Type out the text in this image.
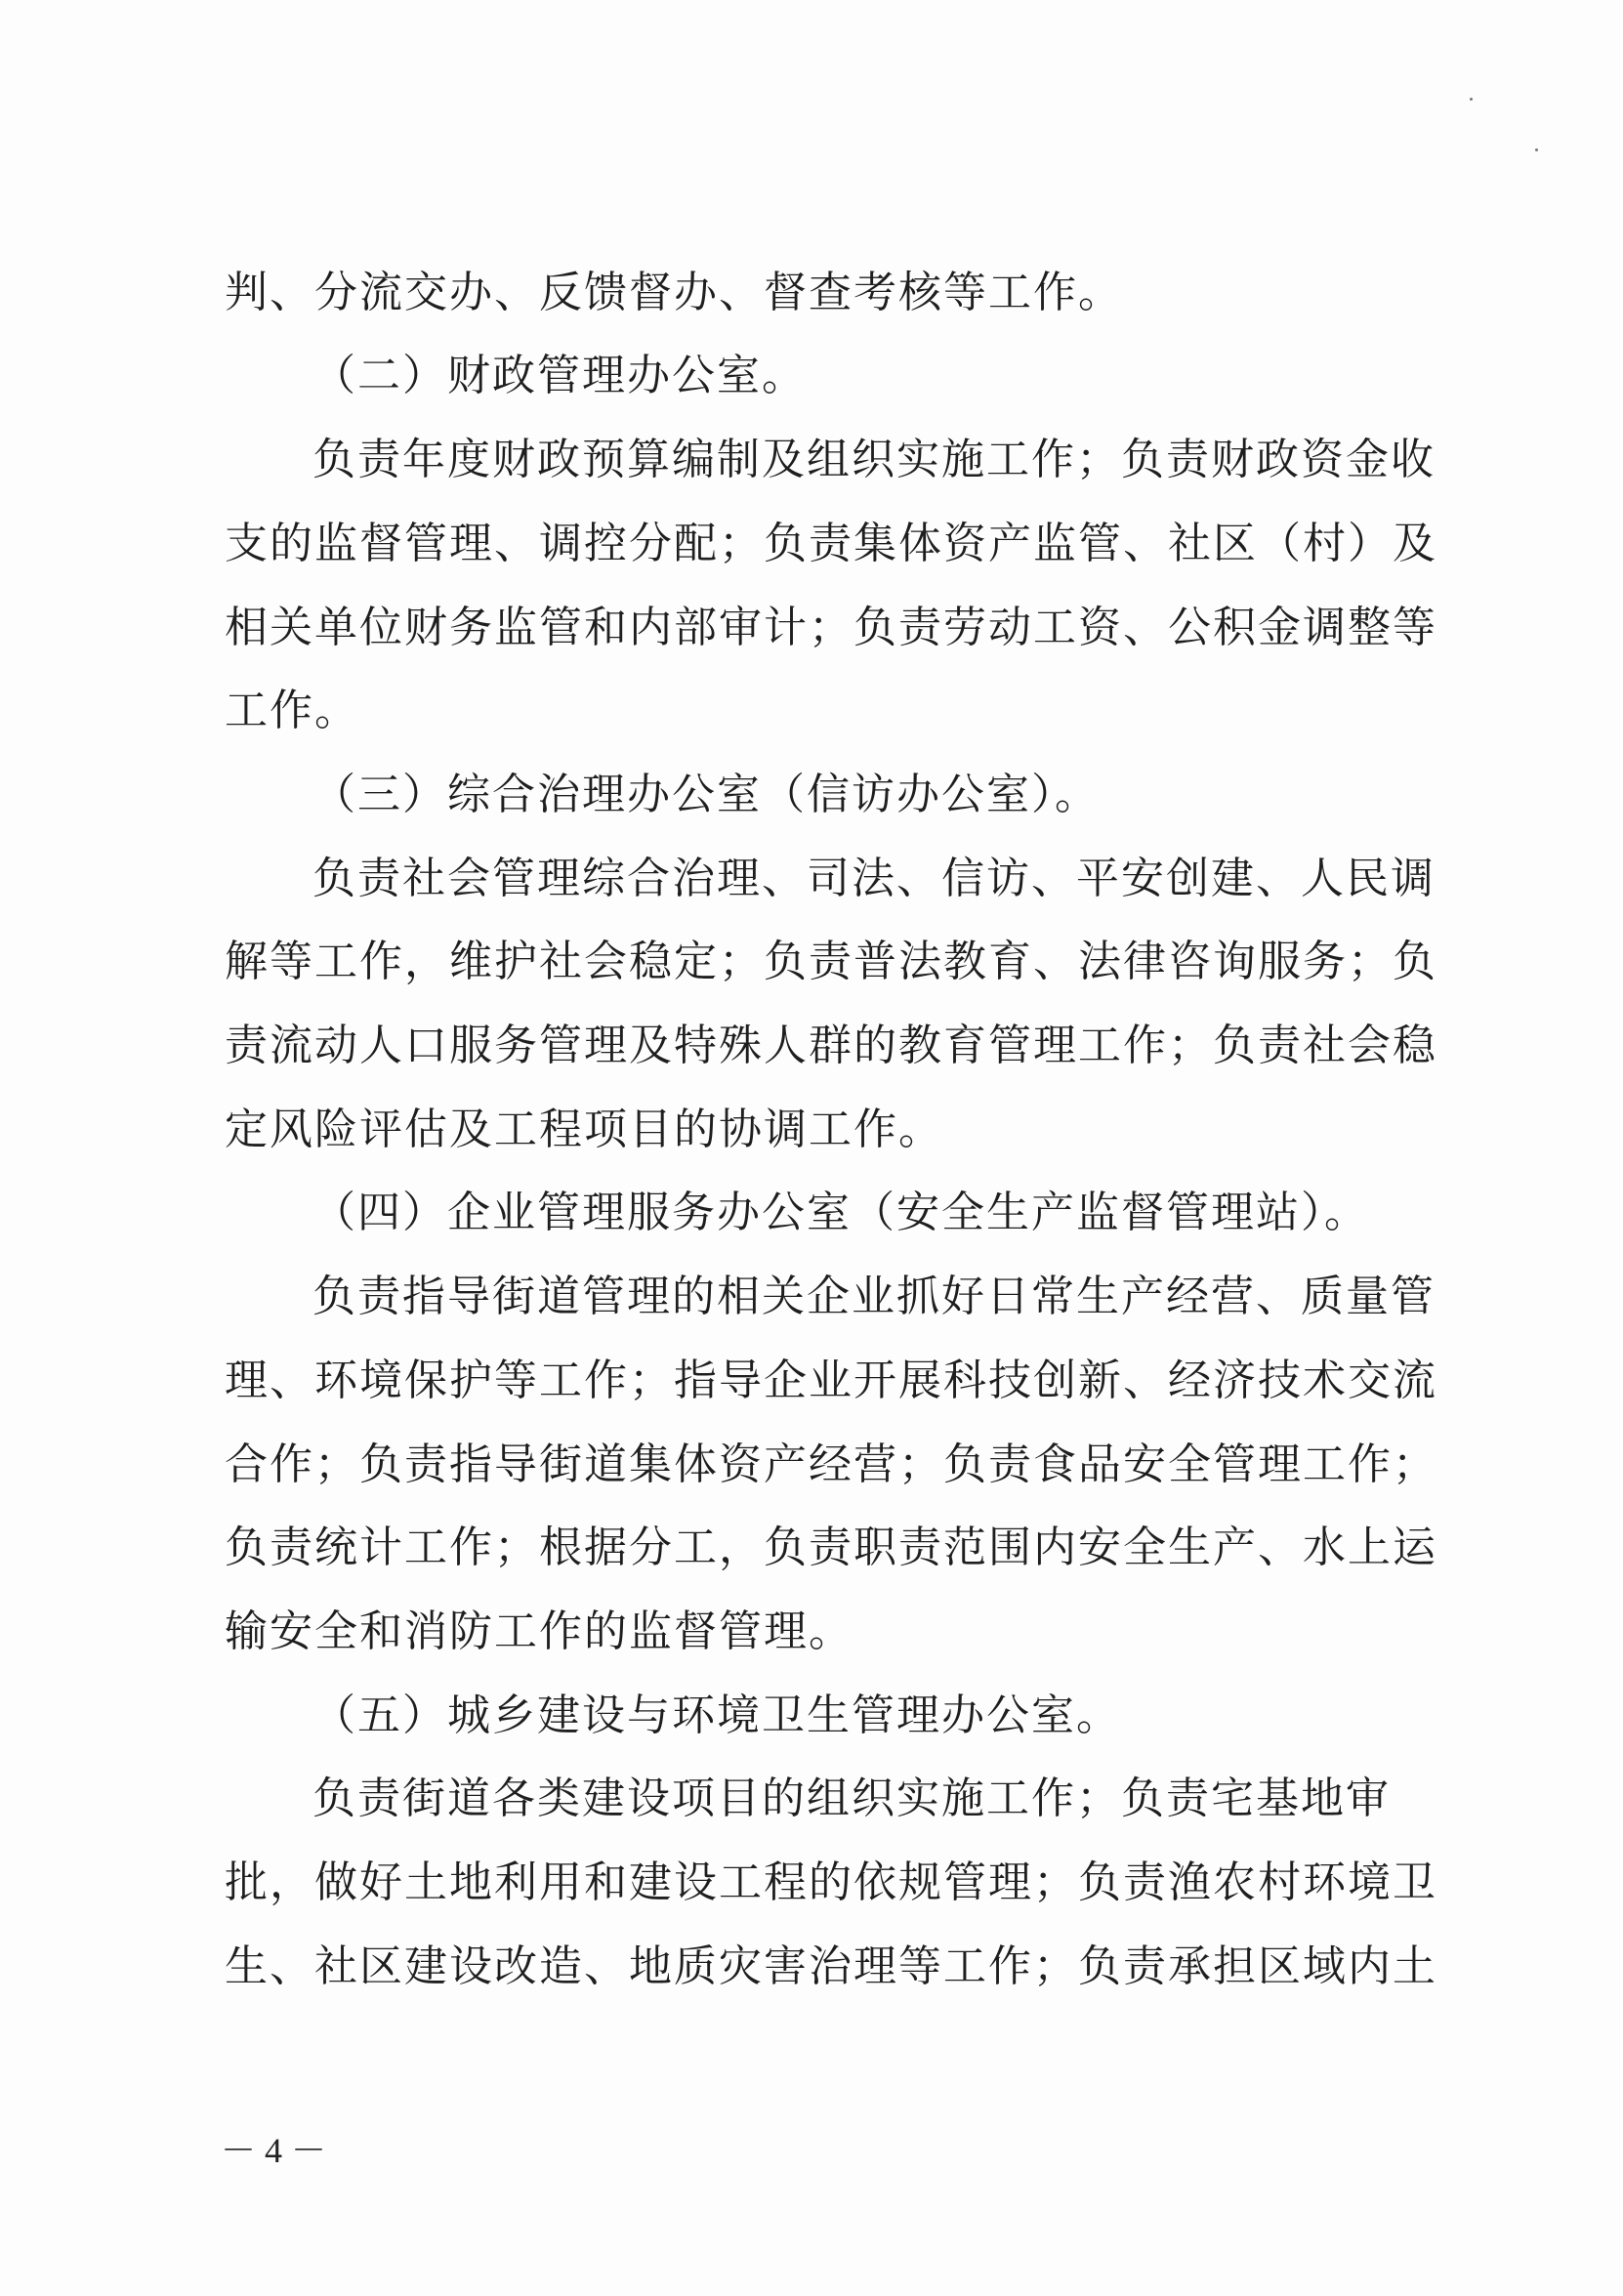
判、分流交办、反馈督办、督查考核等工作。
（二）财政管理办公室。
负责年度财政预算编制及组织实施工作；负责财政资金收
支的监督管理、调控分配；负责集体资产监管、社区（村）及
相关单位财务监管和内部审计；负责劳动工资、公积金调整等
工作。
（三）综合治理办公室（信访办公室）。
负责社会管理综合治理、司法、信访、平安创建、人民调
解等工作，维护社会稳定；负责普法教育、法律咨询服务；负
责流动人口服务管理及特殊人群的教育管理工作；负责社会稳
定风险评估及工程项目的协调工作。
（四）企业管理服务办公室（安全生产监督管理站）。
负责指导街道管理的相关企业抓好日常生产经营、质量管
理、环境保护等工作；指导企业开展科技创新、经济技术交流
合作；负责指导街道集体资产经营；负责食品安全管理工作；
负责统计工作；根据分工，负责职责范围内安全生产、水上运
输安全和消防工作的监督管理。
（五）城乡建设与环境卫生管理办公室。
负责街道各类建设项目的组织实施工作；负责宅基地审
批，做好土地利用和建设工程的依规管理；负责渔农村环境卫
生、社区建设改造、地质灾害治理等工作；负责承担区域内土
－ 4 －
